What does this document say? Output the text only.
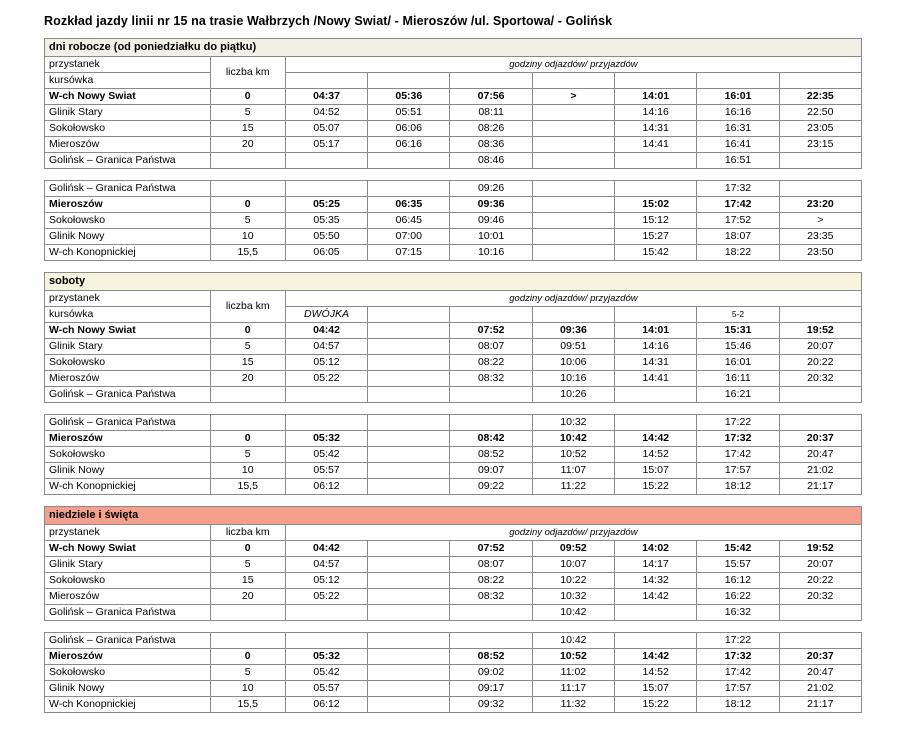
Rozkład jazdy linii nr 15 na trasie Wałbrzych /Nowy Swiat/ - Mieroszów /ul. Sportowa/ - Golińsk
dni robocze (od poniedziałku do piątku)								
przystanek	liczba km	godziny odjazdów/ przyjazdów						
kursówka								
W-ch Nowy Swiat	0	04:37	05:36	07:56	>	14:01	16:01	22:35
Glinik Stary	5	04:52	05:51	08:11		14:16	16:16	22:50
Sokołowsko	15	05:07	06:06	08:26		14:31	16:31	23:05
Mieroszów	20	05:17	06:16	08:36		14:41	16:41	23:15
Golińsk – Granica Państwa				08:46			16:51	
Golińsk – Granica Państwa				09:26			17:32	
Mieroszów	0	05:25	06:35	09:36		15:02	17:42	23:20
Sokołowsko	5	05:35	06:45	09:46		15:12	17:52	>
Glinik Nowy	10	05:50	07:00	10:01		15:27	18:07	23:35
W-ch Konopnickiej	15,5	06:05	07:15	10:16		15:42	18:22	23:50
soboty								
przystanek	liczba km	godziny odjazdów/ przyjazdów						
kursówka		DWÓJKA					5-2	
W-ch Nowy Swiat	0	04:42		07:52	09:36	14:01	15:31	19:52
Glinik Stary	5	04:57		08:07	09:51	14:16	15:46	20:07
Sokołowsko	15	05:12		08:22	10:06	14:31	16:01	20:22
Mieroszów	20	05:22		08:32	10:16	14:41	16:11	20:32
Golińsk – Granica Państwa					10:26		16:21	
Golińsk – Granica Państwa					10:32		17:22	
Mieroszów	0	05:32		08:42	10:42	14:42	17:32	20:37
Sokołowsko	5	05:42		08:52	10:52	14:52	17:42	20:47
Glinik Nowy	10	05:57		09:07	11:07	15:07	17:57	21:02
W-ch Konopnickiej	15,5	06:12		09:22	11:22	15:22	18:12	21:17
niedziele i święta								
przystanek	liczba km	godziny odjazdów/ przyjazdów						
W-ch Nowy Swiat	0	04:42		07:52	09:52	14:02	15:42	19:52
Glinik Stary	5	04:57		08:07	10:07	14:17	15:57	20:07
Sokołowsko	15	05:12		08:22	10:22	14:32	16:12	20:22
Mieroszów	20	05:22		08:32	10:32	14:42	16:22	20:32
Golińsk – Granica Państwa					10:42		16:32	
Golińsk – Granica Państwa					10:42		17:22	
Mieroszów	0	05:32		08:52	10:52	14:42	17:32	20:37
Sokołowsko	5	05:42		09:02	11:02	14:52	17:42	20:47
Glinik Nowy	10	05:57		09:17	11:17	15:07	17:57	21:02
W-ch Konopnickiej	15,5	06:12		09:32	11:32	15:22	18:12	21:17
